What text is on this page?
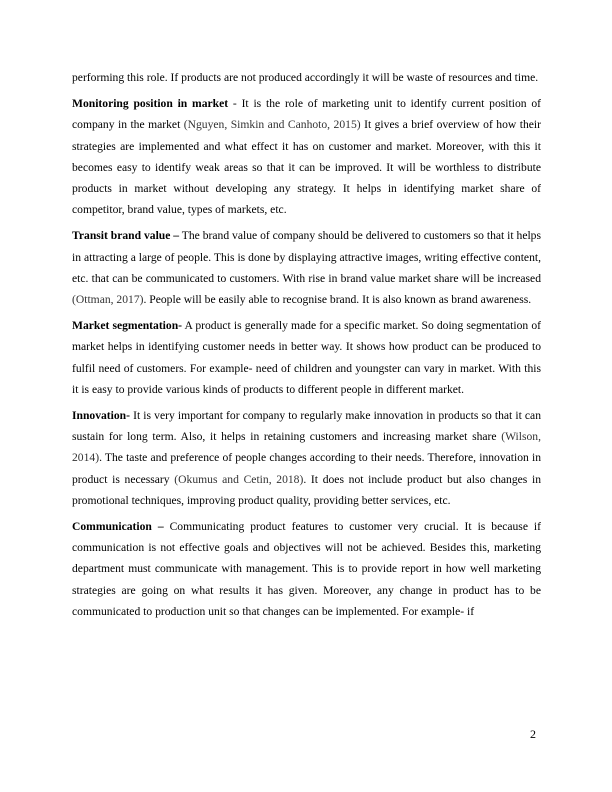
performing this role. If products are not produced accordingly it will be waste of resources and time.

Monitoring position in market - It is the role of marketing unit to identify current position of company in the market (Nguyen, Simkin and Canhoto, 2015) It gives a brief overview of how their strategies are implemented and what effect it has on customer and market. Moreover, with this it becomes easy to identify weak areas so that it can be improved. It will be worthless to distribute products in market without developing any strategy. It helps in identifying market share of competitor, brand value, types of markets, etc.

Transit brand value – The brand value of company should be delivered to customers so that it helps in attracting a large of people. This is done by displaying attractive images, writing effective content, etc. that can be communicated to customers. With rise in brand value market share will be increased (Ottman, 2017). People will be easily able to recognise brand. It is also known as brand awareness.

Market segmentation- A product is generally made for a specific market. So doing segmentation of market helps in identifying customer needs in better way. It shows how product can be produced to fulfil need of customers. For example- need of children and youngster can vary in market. With this it is easy to provide various kinds of products to different people in different market.

Innovation- It is very important for company to regularly make innovation in products so that it can sustain for long term. Also, it helps in retaining customers and increasing market share (Wilson, 2014). The taste and preference of people changes according to their needs. Therefore, innovation in product is necessary (Okumus and Cetin, 2018). It does not include product but also changes in promotional techniques, improving product quality, providing better services, etc.

Communication – Communicating product features to customer very crucial. It is because if communication is not effective goals and objectives will not be achieved. Besides this, marketing department must communicate with management. This is to provide report in how well marketing strategies are going on what results it has given. Moreover, any change in product has to be communicated to production unit so that changes can be implemented. For example- if

2
